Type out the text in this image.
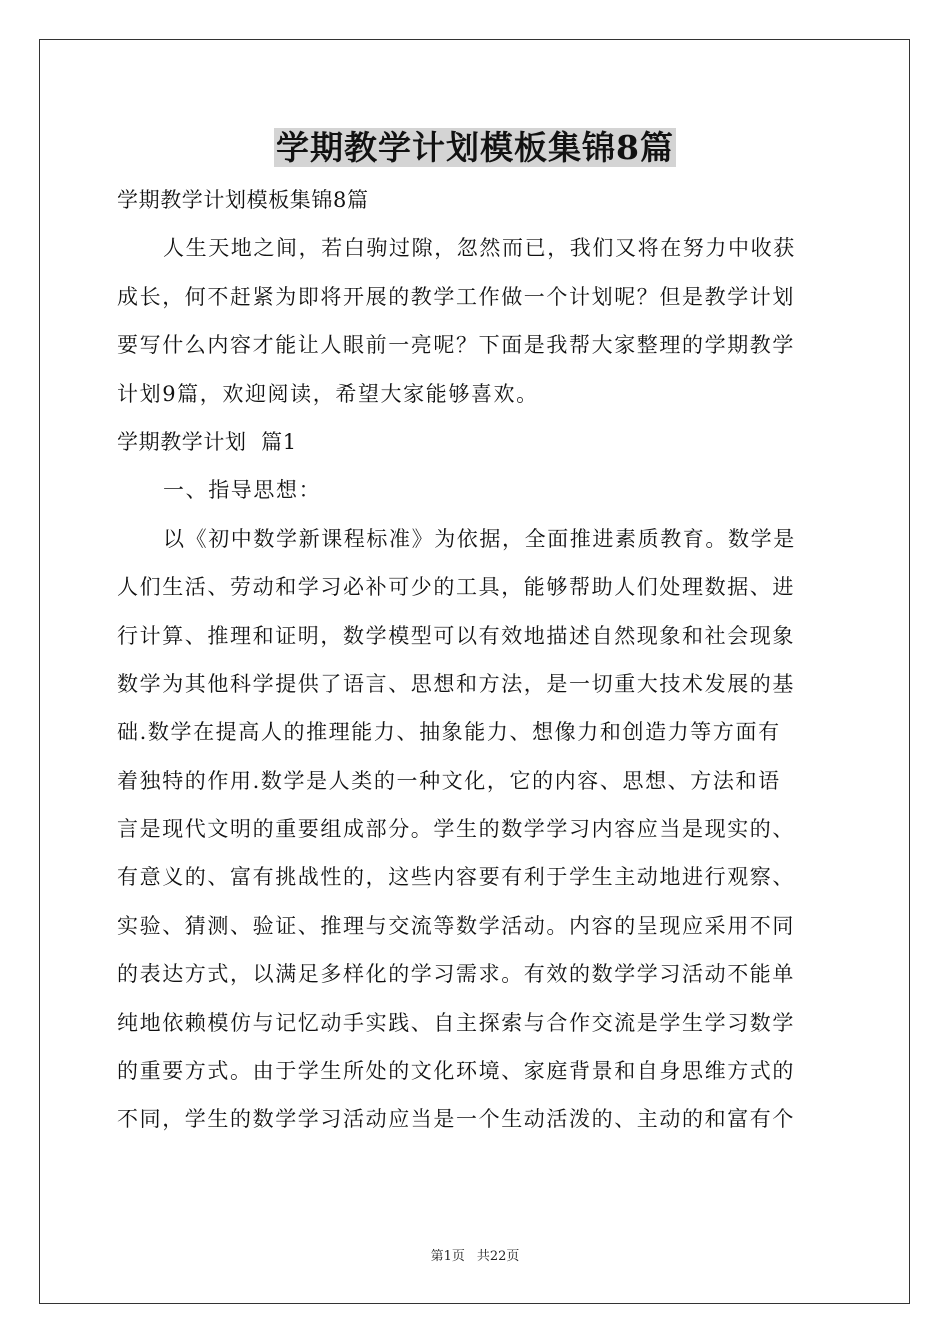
学期教学计划模板集锦8篇

学期教学计划模板集锦8篇

人生天地之间，若白驹过隙，忽然而已，我们又将在努力中收获

成长，何不赶紧为即将开展的教学工作做一个计划呢？但是教学计划

要写什么内容才能让人眼前一亮呢？下面是我帮大家整理的学期教学

计划9篇，欢迎阅读，希望大家能够喜欢。

学期教学计划  篇1

一、指导思想：

以《初中数学新课程标准》为依据，全面推进素质教育。数学是

人们生活、劳动和学习必补可少的工具，能够帮助人们处理数据、进

行计算、推理和证明，数学模型可以有效地描述自然现象和社会现象

数学为其他科学提供了语言、思想和方法，是一切重大技术发展的基

础.数学在提高人的推理能力、抽象能力、想像力和创造力等方面有

着独特的作用.数学是人类的一种文化，它的内容、思想、方法和语

言是现代文明的重要组成部分。学生的数学学习内容应当是现实的、

有意义的、富有挑战性的，这些内容要有利于学生主动地进行观察、

实验、猜测、验证、推理与交流等数学活动。内容的呈现应采用不同

的表达方式，以满足多样化的学习需求。有效的数学学习活动不能单

纯地依赖模仿与记忆动手实践、自主探索与合作交流是学生学习数学

的重要方式。由于学生所处的文化环境、家庭背景和自身思维方式的

不同，学生的数学学习活动应当是一个生动活泼的、主动的和富有个

第1页 共22页
